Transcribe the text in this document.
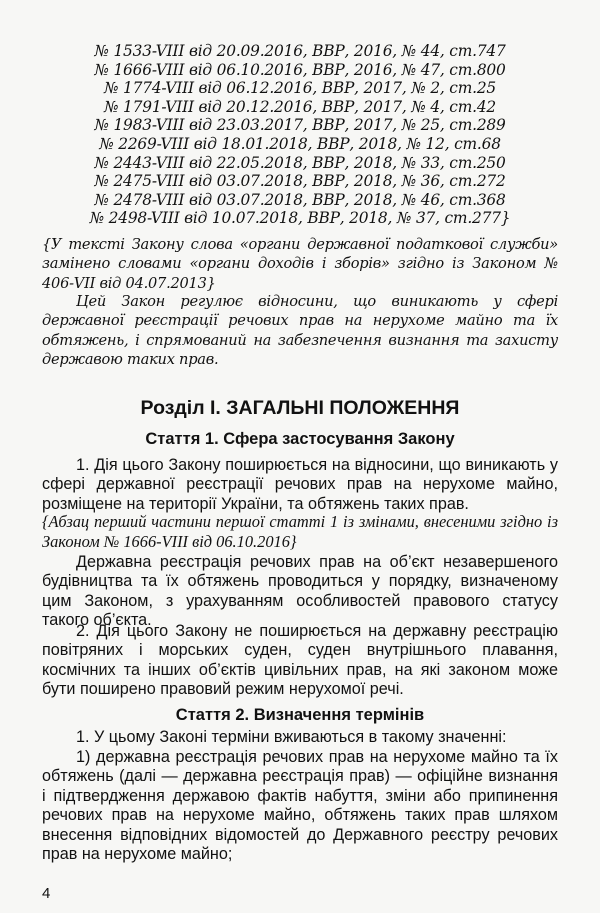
№ 1533-VIII від 20.09.2016, ВВР, 2016, № 44, ст.747
№ 1666-VIII від 06.10.2016, ВВР, 2016, № 47, ст.800
№ 1774-VIII від 06.12.2016, ВВР, 2017, № 2, ст.25
№ 1791-VIII від 20.12.2016, ВВР, 2017, № 4, ст.42
№ 1983-VIII від 23.03.2017, ВВР, 2017, № 25, ст.289
№ 2269-VIII від 18.01.2018, ВВР, 2018, № 12, ст.68
№ 2443-VIII від 22.05.2018, ВВР, 2018, № 33, ст.250
№ 2475-VIII від 03.07.2018, ВВР, 2018, № 36, ст.272
№ 2478-VIII від 03.07.2018, ВВР, 2018, № 46, ст.368
№ 2498-VIII від 10.07.2018, ВВР, 2018, № 37, ст.277}
{У тексті Закону слова «органи державної податкової служби» замінено словами «органи доходів і зборів» згідно із Законом № 406-VII від 04.07.2013}
Цей Закон регулює відносини, що виникають у сфері державної реєстрації речових прав на нерухоме майно та їх обтяжень, і спрямований на забезпечення визнання та захисту державою таких прав.
Розділ I. ЗАГАЛЬНІ ПОЛОЖЕННЯ
Стаття 1. Сфера застосування Закону
1. Дія цього Закону поширюється на відносини, що виникають у сфері державної реєстрації речових прав на нерухоме майно, розміщене на території України, та обтяжень таких прав.
{Абзац перший частини першої статті 1 із змінами, внесеними згідно із Законом № 1666-VIII від 06.10.2016}
Державна реєстрація речових прав на об’єкт незавершеного будівництва та їх обтяжень проводиться у порядку, визначеному цим Законом, з урахуванням особливостей правового статусу такого об’єкта.
2. Дія цього Закону не поширюється на державну реєстрацію повітряних і морських суден, суден внутрішнього плавання, космічних та інших об’єктів цивільних прав, на які законом може бути поширено правовий режим нерухомої речі.
Стаття 2. Визначення термінів
1. У цьому Законі терміни вживаються в такому значенні:
1) державна реєстрація речових прав на нерухоме майно та їх обтяжень (далі — державна реєстрація прав) — офіційне визнання і підтвердження державою фактів набуття, зміни або припинення речових прав на нерухоме майно, обтяжень таких прав шляхом внесення відповідних відомостей до Державного реєстру речових прав на нерухоме майно;
4
